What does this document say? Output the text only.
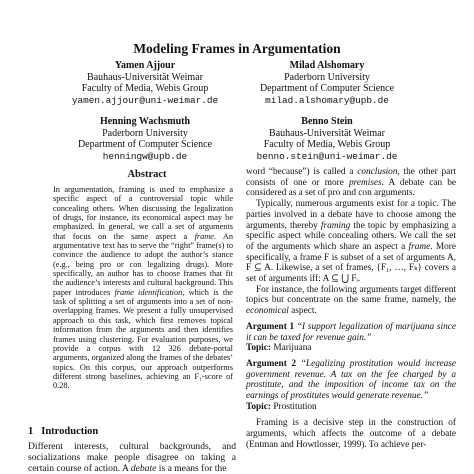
Modeling Frames in Argumentation
Yamen Ajjour
Bauhaus-Universität Weimar
Faculty of Media, Webis Group
yamen.ajjour@uni-weimar.de
Milad Alshomary
Paderborn University
Department of Computer Science
milad.alshomary@upb.de
Henning Wachsmuth
Paderborn University
Department of Computer Science
henningw@upb.de
Benno Stein
Bauhaus-Universität Weimar
Faculty of Media, Webis Group
benno.stein@uni-weimar.de
Abstract

In argumentation, framing is used to emphasize a specific aspect of a controversial topic while concealing others. When discussing the legalization of drugs, for instance, its economical aspect may be emphasized. In general, we call a set of arguments that focus on the same aspect a frame. An argumentative text has to serve the “right” frame(s) to convince the audience to adopt the author’s stance (e.g., being pro or con legalizing drugs). More specifically, an author has to choose frames that fit the audience’s interests and cultural background. This paper introduces frame identification, which is the task of splitting a set of arguments into a set of non-overlapping frames. We present a fully unsupervised approach to this task, which first removes topical information from the arguments and then identifies frames using clustering. For evaluation purposes, we provide a corpus with 12 326 debate-portal arguments, organized along the frames of the debates’ topics. On this corpus, our approach outperforms different strong baselines, achieving an F₁-score of 0.28.

1 Introduction

Different interests, cultural backgrounds, and socializations make people disagree on taking a certain course of action. A debate is a means for the

word “because”) is called a conclusion, the other part consists of one or more premises. A debate can be considered as a set of pro and con arguments.

Typically, numerous arguments exist for a topic. The parties involved in a debate have to choose among the arguments, thereby framing the topic by emphasizing a specific aspect while concealing others. We call the set of the arguments which share an aspect a frame. More specifically, a frame F is subset of a set of arguments A, F ⊆ A. Likewise, a set of frames, {F₁, …, Fₖ} covers a set of arguments iff: A ⊆ ⋃ Fᵢ.

For instance, the following arguments target different topics but concentrate on the same frame, namely, the economical aspect.

Argument 1 “I support legalization of marijuana since it can be taxed for revenue gain.”

Topic: Marijuana

Argument 2 “Legalizing prostitution would increase government revenue. A tax on the fee charged by a prostitute, and the imposition of income tax on the earnings of prostitutes would generate revenue.”

Topic: Prostitution

Framing is a decisive step in the construction of arguments, which affects the outcome of a debate (Entman and Howtlosser, 1999). To achieve per-
